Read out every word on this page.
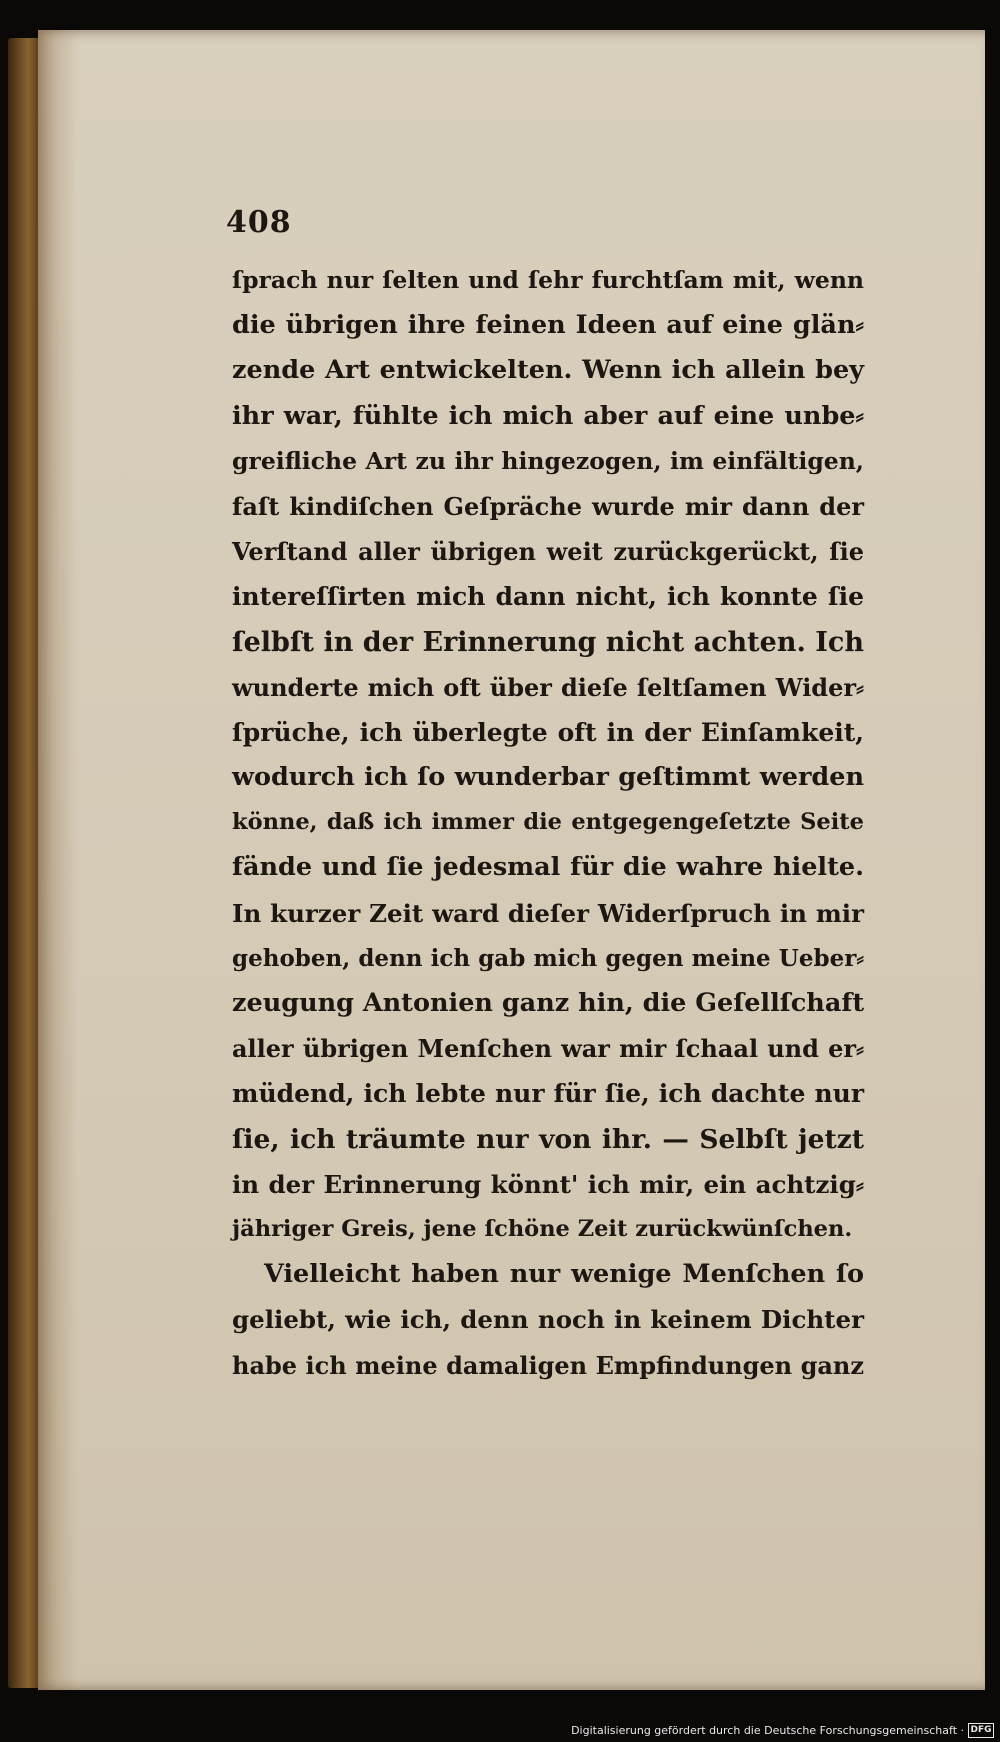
408
ſprach nur ſelten und ſehr furchtſam mit, wenn
die übrigen ihre feinen Ideen auf eine glän⸗
zende Art entwickelten. Wenn ich allein bey
ihr war, fühlte ich mich aber auf eine unbe⸗
greifliche Art zu ihr hingezogen, im einfältigen,
faſt kindiſchen Geſpräche wurde mir dann der
Verſtand aller übrigen weit zurückgerückt, ſie
intereſſirten mich dann nicht, ich konnte ſie
ſelbſt in der Erinnerung nicht achten. Ich
wunderte mich oft über dieſe ſeltſamen Wider⸗
ſprüche, ich überlegte oft in der Einſamkeit,
wodurch ich ſo wunderbar geſtimmt werden
könne, daß ich immer die entgegengeſetzte Seite
fände und ſie jedesmal für die wahre hielte.
In kurzer Zeit ward dieſer Widerſpruch in mir
gehoben, denn ich gab mich gegen meine Ueber⸗
zeugung Antonien ganz hin, die Geſellſchaft
aller übrigen Menſchen war mir ſchaal und er⸗
müdend, ich lebte nur für ſie, ich dachte nur
ſie, ich träumte nur von ihr. — Selbſt jetzt
in der Erinnerung könnt' ich mir, ein achtzig⸗
jähriger Greis, jene ſchöne Zeit zurückwünſchen.
Vielleicht haben nur wenige Menſchen ſo
geliebt, wie ich, denn noch in keinem Dichter
habe ich meine damaligen Empfindungen ganz
Digitalisierung gefördert durch die Deutsche Forschungsgemeinschaft · DFG
